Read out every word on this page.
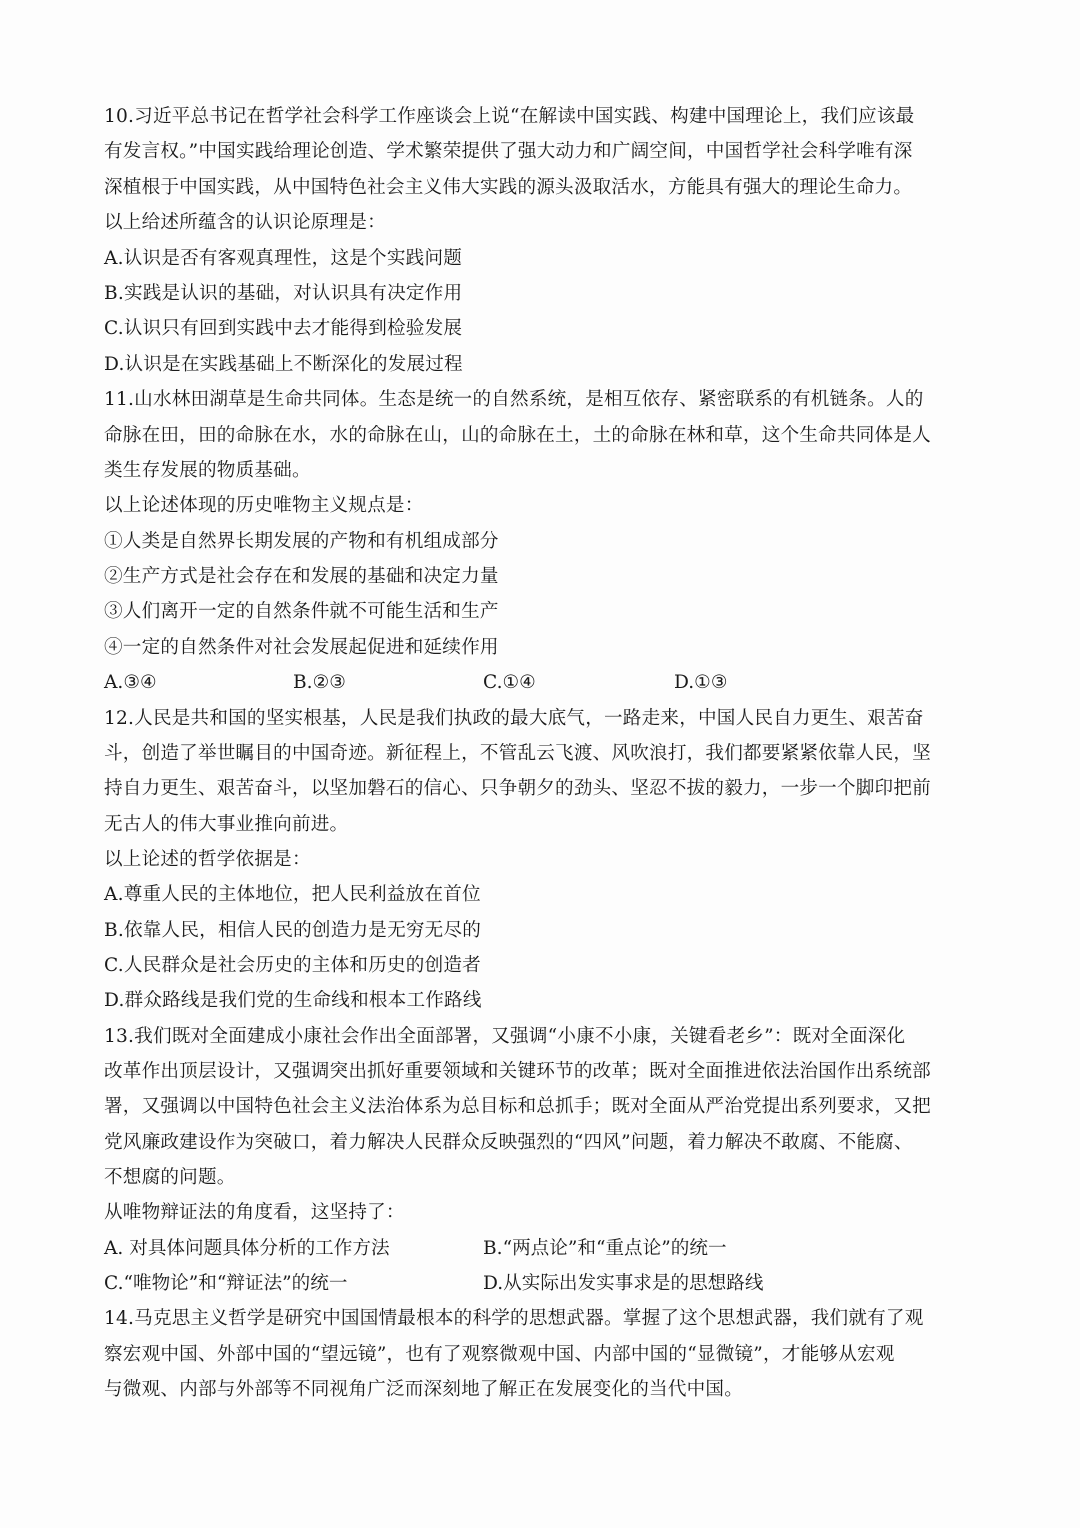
10.习近平总书记在哲学社会科学工作座谈会上说“在解读中国实践、构建中国理论上，我们应该最
有发言权。”中国实践给理论创造、学术繁荣提供了强大动力和广阔空间，中国哲学社会科学唯有深
深植根于中国实践，从中国特色社会主义伟大实践的源头汲取活水，方能具有强大的理论生命力。
以上给述所蕴含的认识论原理是：
A.认识是否有客观真理性，这是个实践问题
B.实践是认识的基础，对认识具有决定作用
C.认识只有回到实践中去才能得到检验发展
D.认识是在实践基础上不断深化的发展过程
11.山水林田湖草是生命共同体。生态是统一的自然系统，是相互依存、紧密联系的有机链条。人的
命脉在田，田的命脉在水，水的命脉在山，山的命脉在土，土的命脉在林和草，这个生命共同体是人
类生存发展的物质基础。
以上论述体现的历史唯物主义规点是：
①人类是自然界长期发展的产物和有机组成部分
②生产方式是社会存在和发展的基础和决定力量
③人们离开一定的自然条件就不可能生活和生产
④一定的自然条件对社会发展起促进和延续作用
A.③④	B.②③	C.①④	D.①③
12.人民是共和国的坚实根基，人民是我们执政的最大底气，一路走来，中国人民自力更生、艰苦奋
斗，创造了举世瞩目的中国奇迹。新征程上，不管乱云飞渡、风吹浪打，我们都要紧紧依靠人民，坚
持自力更生、艰苦奋斗，以坚加磐石的信心、只争朝夕的劲头、坚忍不拔的毅力，一步一个脚印把前
无古人的伟大事业推向前进。
以上论述的哲学依据是：
A.尊重人民的主体地位，把人民利益放在首位
B.依靠人民，相信人民的创造力是无穷无尽的
C.人民群众是社会历史的主体和历史的创造者
D.群众路线是我们党的生命线和根本工作路线
13.我们既对全面建成小康社会作出全面部署，又强调“小康不小康，关键看老乡”：既对全面深化
改革作出顶层设计，又强调突出抓好重要领域和关键环节的改革；既对全面推进依法治国作出系统部
署，又强调以中国特色社会主义法治体系为总目标和总抓手；既对全面从严治党提出系列要求，又把
党风廉政建设作为突破口，着力解决人民群众反映强烈的“四风”问题，着力解决不敢腐、不能腐、
不想腐的问题。
从唯物辩证法的角度看，这坚持了：
A. 对具体问题具体分析的工作方法	B.“两点论”和“重点论”的统一
C.“唯物论”和“辩证法”的统一	D.从实际出发实事求是的思想路线
14.马克思主义哲学是研究中国国情最根本的科学的思想武器。掌握了这个思想武器，我们就有了观
察宏观中国、外部中国的“望远镜”，也有了观察微观中国、内部中国的“显微镜”，才能够从宏观
与微观、内部与外部等不同视角广泛而深刻地了解正在发展变化的当代中国。
